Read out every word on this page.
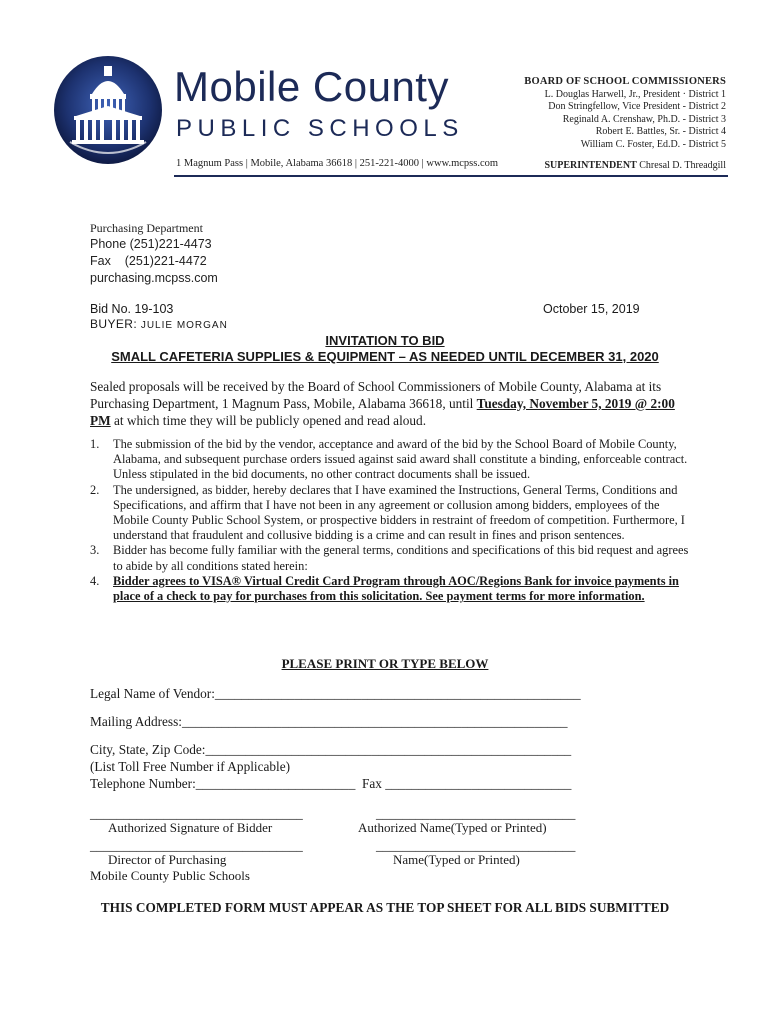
Mobile County
PUBLIC SCHOOLS
1 Magnum Pass | Mobile, Alabama 36618 | 251-221-4000 | www.mcpss.com
BOARD OF SCHOOL COMMISSIONERS
L. Douglas Harwell, Jr., President · District 1
Don Stringfellow, Vice President - District 2
Reginald A. Crenshaw, Ph.D. - District 3
Robert E. Battles, Sr. - District 4
William C. Foster, Ed.D. - District 5
SUPERINTENDENT Chresal D. Threadgill
Purchasing Department
Phone (251)221-4473
Fax    (251)221-4472
purchasing.mcpss.com
Bid No. 19-103	October 15, 2019
BUYER: JULIE MORGAN
INVITATION TO BID
SMALL CAFETERIA SUPPLIES & EQUIPMENT – AS NEEDED UNTIL DECEMBER 31, 2020
Sealed proposals will be received by the Board of School Commissioners of Mobile County, Alabama at its Purchasing Department, 1 Magnum Pass, Mobile, Alabama 36618, until Tuesday, November 5, 2019 @ 2:00 PM at which time they will be publicly opened and read aloud.
1. The submission of the bid by the vendor, acceptance and award of the bid by the School Board of Mobile County, Alabama, and subsequent purchase orders issued against said award shall constitute a binding, enforceable contract. Unless stipulated in the bid documents, no other contract documents shall be issued.
2. The undersigned, as bidder, hereby declares that I have examined the Instructions, General Terms, Conditions and Specifications, and affirm that I have not been in any agreement or collusion among bidders, employees of the Mobile County Public School System, or prospective bidders in restraint of freedom of competition. Furthermore, I understand that fraudulent and collusive bidding is a crime and can result in fines and prison sentences.
3. Bidder has become fully familiar with the general terms, conditions and specifications of this bid request and agrees to abide by all conditions stated herein:
4. Bidder agrees to VISA® Virtual Credit Card Program through AOC/Regions Bank for invoice payments in place of a check to pay for purchases from this solicitation. See payment terms for more information.
PLEASE PRINT OR TYPE BELOW
Legal Name of Vendor:_______________________________________________________
Mailing Address:__________________________________________________________
City, State, Zip Code:_______________________________________________________
(List Toll Free Number if Applicable)
Telephone Number:________________________  Fax ____________________________
________________________________	______________________________
Authorized Signature of Bidder	Authorized Name(Typed or Printed)
________________________________	______________________________
Director of Purchasing	Name(Typed or Printed)
Mobile County Public Schools
THIS COMPLETED FORM MUST APPEAR AS THE TOP SHEET FOR ALL BIDS SUBMITTED
